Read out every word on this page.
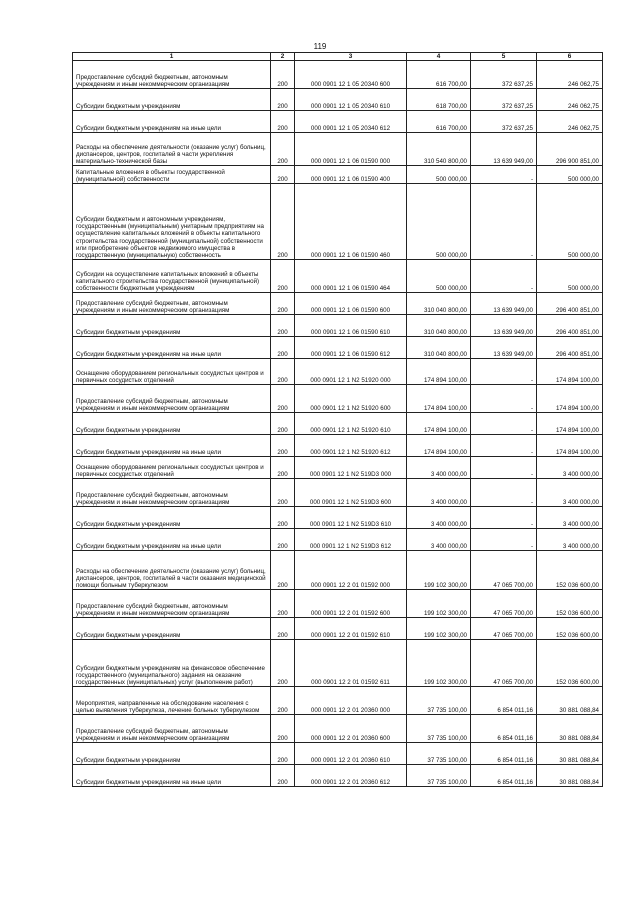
119
1	2	3	4	5	6
Предоставление субсидий бюджетным, автономным учреждениям и иным некоммерческим организациям	200	000 0901 12 1 05 20340 600	616 700,00	372 637,25	246 062,75
Субсидии бюджетным учреждениям	200	000 0901 12 1 05 20340 610	618 700,00	372 637,25	246 062,75
Субсидии бюджетным учреждениям на иные цели	200	000 0901 12 1 05 20340 612	616 700,00	372 637,25	246 062,75
Расходы на обеспечение деятельности (оказание услуг) больниц, диспансеров, центров, госпиталей в части укрепления материально-технической базы	200	000 0901 12 1 06 01590 000	310 540 800,00	13 639 949,00	296 900 851,00
Капитальные вложения в объекты государственной (муниципальной) собственности	200	000 0901 12 1 06 01590 400	500 000,00	-	500 000,00
Субсидии бюджетным и автономным учреждениям, государственным (муниципальным) унитарным предприятиям на осуществление капитальных вложений в объекты капитального строительства государственной (муниципальной) собственности или приобретение объектов недвижимого имущества в государственную (муниципальную) собственность	200	000 0901 12 1 06 01590 460	500 000,00	-	500 000,00
Субсидии на осуществление капитальных вложений в объекты капитального строительства государственной (муниципальной) собственности бюджетным учреждениям	200	000 0901 12 1 06 01590 464	500 000,00	-	500 000,00
Предоставление субсидий бюджетным, автономным учреждениям и иным некоммерческим организациям	200	000 0901 12 1 06 01590 600	310 040 800,00	13 639 949,00	296 400 851,00
Субсидии бюджетным учреждениям	200	000 0901 12 1 06 01590 610	310 040 800,00	13 639 949,00	296 400 851,00
Субсидии бюджетным учреждениям на иные цели	200	000 0901 12 1 06 01590 612	310 040 800,00	13 639 949,00	296 400 851,00
Оснащение оборудованием региональных сосудистых центров и первичных сосудистых отделений	200	000 0901 12 1 N2 51920 000	174 894 100,00	-	174 894 100,00
Предоставление субсидий бюджетным, автономным учреждениям и иным некоммерческим организациям	200	000 0901 12 1 N2 51920 600	174 894 100,00	-	174 894 100,00
Субсидии бюджетным учреждениям	200	000 0901 12 1 N2 51920 610	174 894 100,00	-	174 894 100,00
Субсидии бюджетным учреждениям на иные цели	200	000 0901 12 1 N2 51920 612	174 894 100,00	-	174 894 100,00
Оснащение оборудованием региональных сосудистых центров и первичных сосудистых отделений	200	000 0901 12 1 N2 519D3 000	3 400 000,00	-	3 400 000,00
Предоставление субсидий бюджетным, автономным учреждениям и иным некоммерческим организациям	200	000 0901 12 1 N2 519D3 600	3 400 000,00	-	3 400 000,00
Субсидии бюджетным учреждениям	200	000 0901 12 1 N2 519D3 610	3 400 000,00	-	3 400 000,00
Субсидии бюджетным учреждениям на иные цели	200	000 0901 12 1 N2 519D3 612	3 400 000,00	-	3 400 000,00
Расходы на обеспечение деятельности (оказание услуг) больниц, диспансеров, центров, госпиталей в части оказания медицинской помощи больным туберкулезом	200	000 0901 12 2 01 01592 000	199 102 300,00	47 065 700,00	152 036 600,00
Предоставление субсидий бюджетным, автономным учреждениям и иным некоммерческим организациям	200	000 0901 12 2 01 01592 600	199 102 300,00	47 065 700,00	152 036 600,00
Субсидии бюджетным учреждениям	200	000 0901 12 2 01 01592 610	199 102 300,00	47 065 700,00	152 036 600,00
Субсидии бюджетным учреждениям на финансовое обеспечение государственного (муниципального) задания на оказание государственных (муниципальных) услуг (выполнение работ)	200	000 0901 12 2 01 01592 611	199 102 300,00	47 065 700,00	152 036 600,00
Мероприятия, направленные на обследование населения с целью выявления туберкулеза, лечение больных туберкулезом	200	000 0901 12 2 01 20360 000	37 735 100,00	6 854 011,16	30 881 088,84
Предоставление субсидий бюджетным, автономным учреждениям и иным некоммерческим организациям	200	000 0901 12 2 01 20360 600	37 735 100,00	6 854 011,16	30 881 088,84
Субсидии бюджетным учреждениям	200	000 0901 12 2 01 20360 610	37 735 100,00	6 854 011,16	30 881 088,84
Субсидии бюджетным учреждениям на иные цели	200	000 0901 12 2 01 20360 612	37 735 100,00	6 854 011,16	30 881 088,84
